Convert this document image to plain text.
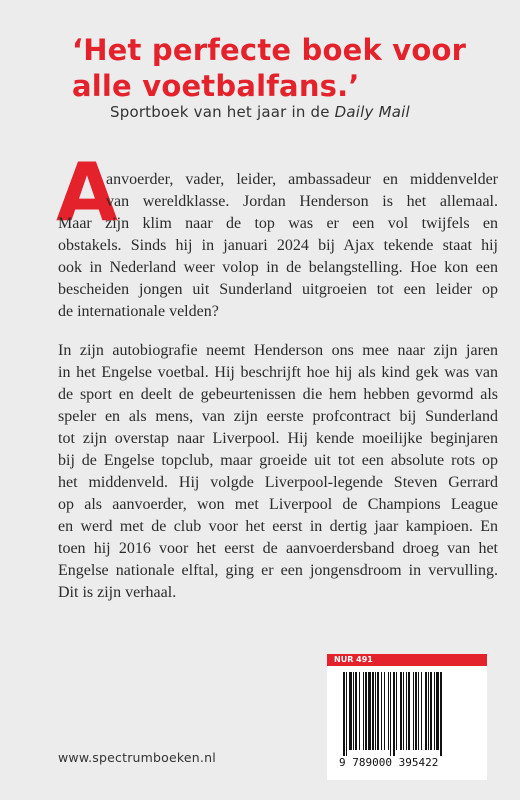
‘Het perfecte boek voor
alle voetbalfans.’
Sportboek van het jaar in de Daily Mail
A
anvoerder, vader, leider, ambassadeur en middenvelder
van wereldklasse. Jordan Henderson is het allemaal.
Maar zijn klim naar de top was er een vol twijfels en
obstakels. Sinds hij in januari 2024 bij Ajax tekende staat hij
ook in Nederland weer volop in de belangstelling. Hoe kon een
bescheiden jongen uit Sunderland uitgroeien tot een leider op
de internationale velden?
In zijn autobiografie neemt Henderson ons mee naar zijn jaren
in het Engelse voetbal. Hij beschrijft hoe hij als kind gek was van
de sport en deelt de gebeurtenissen die hem hebben gevormd als
speler en als mens, van zijn eerste profcontract bij Sunderland
tot zijn overstap naar Liverpool. Hij kende moeilijke beginjaren
bij de Engelse topclub, maar groeide uit tot een absolute rots op
het middenveld. Hij volgde Liverpool-legende Steven Gerrard
op als aanvoerder, won met Liverpool de Champions League
en werd met de club voor het eerst in dertig jaar kampioen. En
toen hij 2016 voor het eerst de aanvoerdersband droeg van het
Engelse nationale elftal, ging er een jongensdroom in vervulling.
Dit is zijn verhaal.
NUR 491
9 789000 395422
www.spectrumboeken.nl
